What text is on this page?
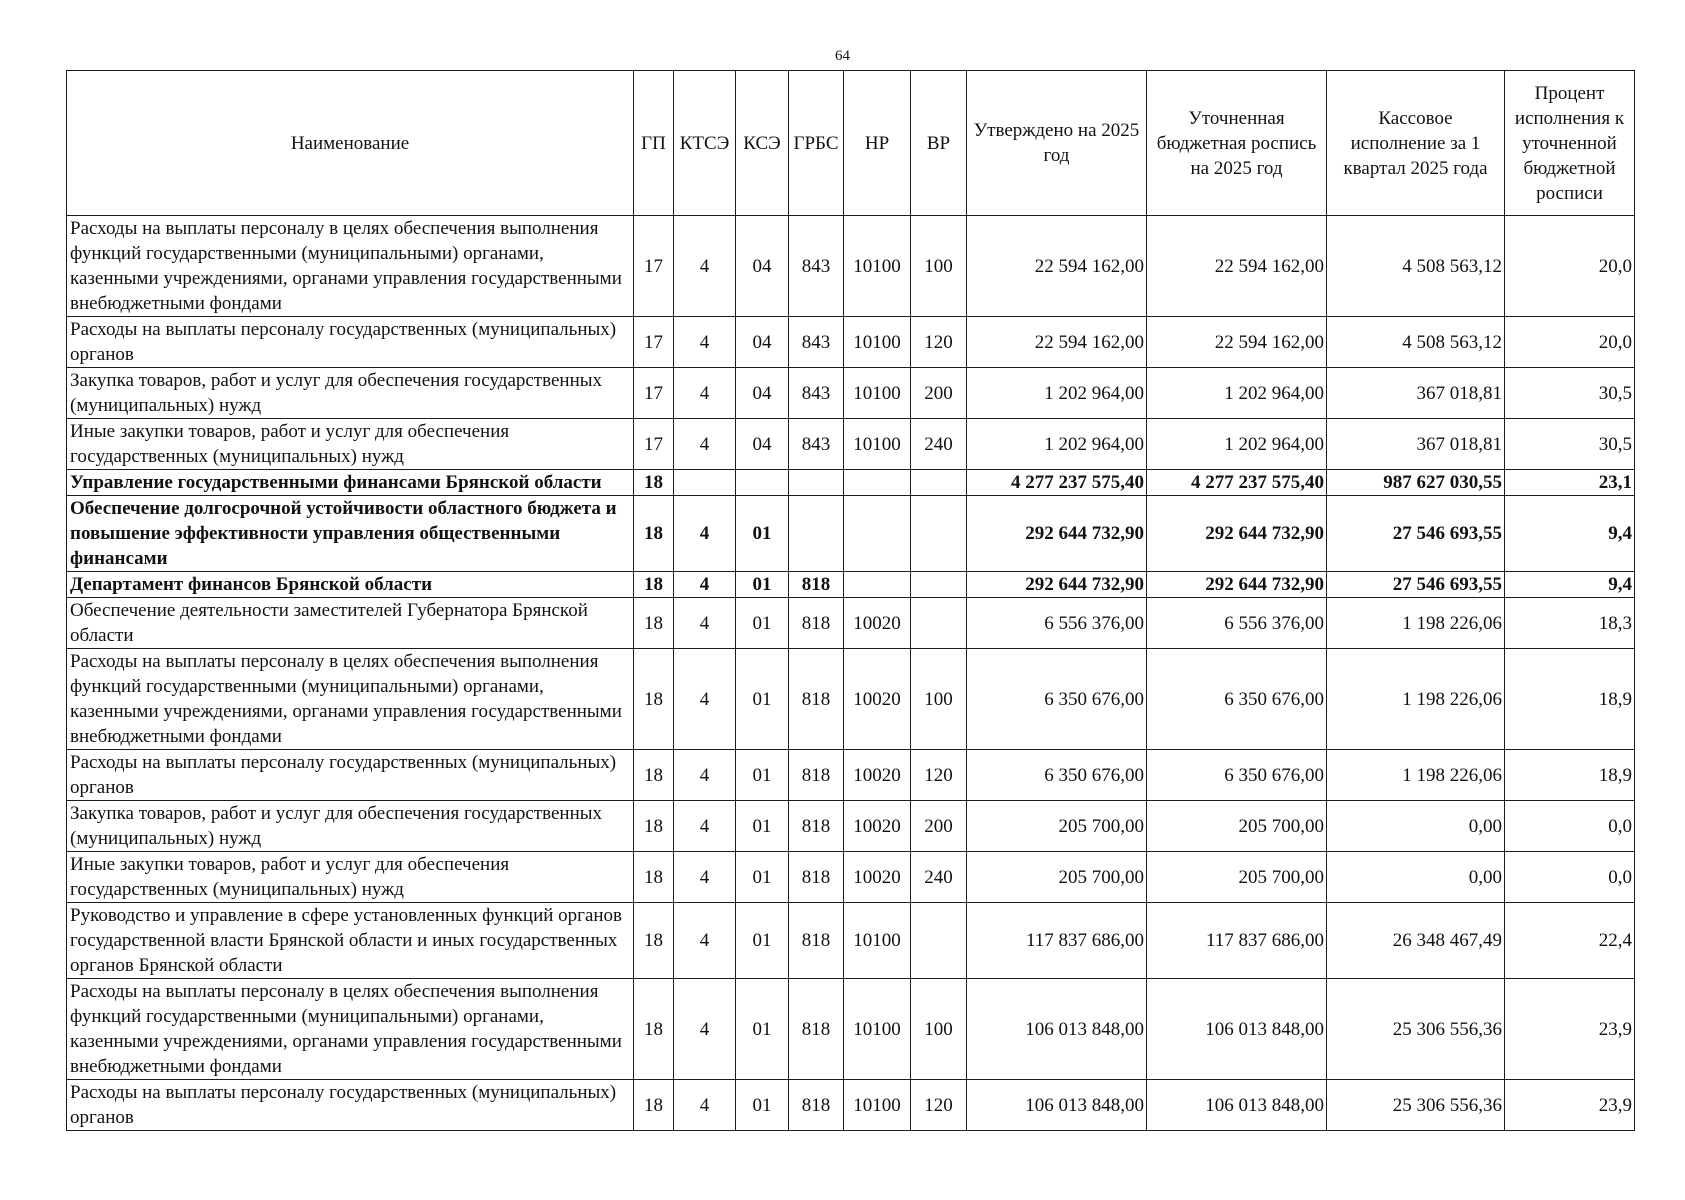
64
Наименование	ГП	КТСЭ	КСЭ	ГРБС	НР	ВР	Утверждено на 2025 год	Уточненная бюджетная роспись на 2025 год	Кассовое исполнение за 1 квартал 2025 года	Процент исполнения к уточненной бюджетной росписи
Расходы на выплаты персоналу в целях обеспечения выполнения функций государственными (муниципальными) органами, казенными учреждениями, органами управления государственными внебюджетными фондами	17	4	04	843	10100	100	22 594 162,00	22 594 162,00	4 508 563,12	20,0
Расходы на выплаты персоналу государственных (муниципальных) органов	17	4	04	843	10100	120	22 594 162,00	22 594 162,00	4 508 563,12	20,0
Закупка товаров, работ и услуг для обеспечения государственных (муниципальных) нужд	17	4	04	843	10100	200	1 202 964,00	1 202 964,00	367 018,81	30,5
Иные закупки товаров, работ и услуг для обеспечения государственных (муниципальных) нужд	17	4	04	843	10100	240	1 202 964,00	1 202 964,00	367 018,81	30,5
Управление государственными финансами Брянской области	18						4 277 237 575,40	4 277 237 575,40	987 627 030,55	23,1
Обеспечение долгосрочной устойчивости областного бюджета и повышение эффективности управления общественными финансами	18	4	01				292 644 732,90	292 644 732,90	27 546 693,55	9,4
Департамент финансов Брянской области	18	4	01	818			292 644 732,90	292 644 732,90	27 546 693,55	9,4
Обеспечение деятельности заместителей Губернатора Брянской области	18	4	01	818	10020		6 556 376,00	6 556 376,00	1 198 226,06	18,3
Расходы на выплаты персоналу в целях обеспечения выполнения функций государственными (муниципальными) органами, казенными учреждениями, органами управления государственными внебюджетными фондами	18	4	01	818	10020	100	6 350 676,00	6 350 676,00	1 198 226,06	18,9
Расходы на выплаты персоналу государственных (муниципальных) органов	18	4	01	818	10020	120	6 350 676,00	6 350 676,00	1 198 226,06	18,9
Закупка товаров, работ и услуг для обеспечения государственных (муниципальных) нужд	18	4	01	818	10020	200	205 700,00	205 700,00	0,00	0,0
Иные закупки товаров, работ и услуг для обеспечения государственных (муниципальных) нужд	18	4	01	818	10020	240	205 700,00	205 700,00	0,00	0,0
Руководство и управление в сфере установленных функций органов государственной власти Брянской области и иных государственных органов Брянской области	18	4	01	818	10100		117 837 686,00	117 837 686,00	26 348 467,49	22,4
Расходы на выплаты персоналу в целях обеспечения выполнения функций государственными (муниципальными) органами, казенными учреждениями, органами управления государственными внебюджетными фондами	18	4	01	818	10100	100	106 013 848,00	106 013 848,00	25 306 556,36	23,9
Расходы на выплаты персоналу государственных (муниципальных) органов	18	4	01	818	10100	120	106 013 848,00	106 013 848,00	25 306 556,36	23,9
